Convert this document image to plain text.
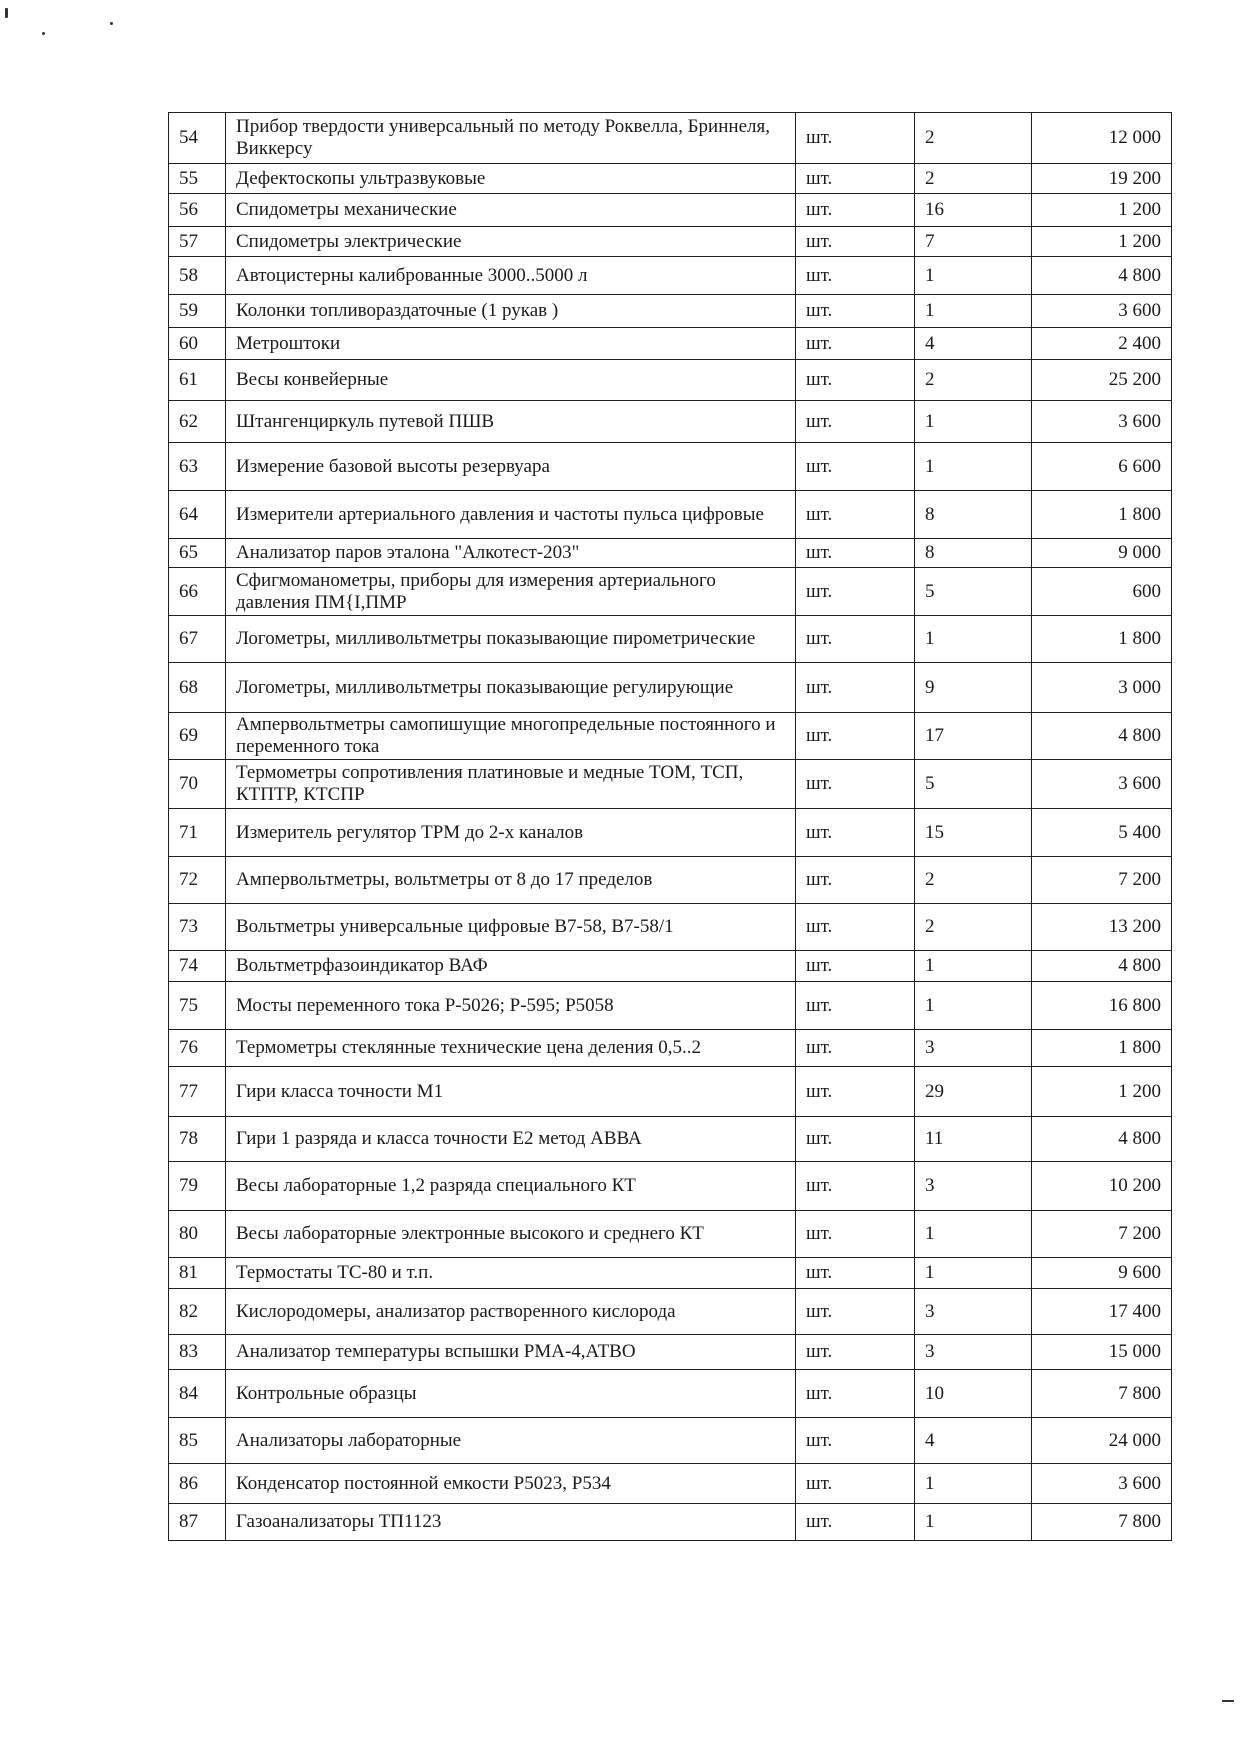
54	Прибор твердости универсальный по методу Роквелла, Бриннеля, Виккерсу	шт.	2	12 000
55	Дефектоскопы ультразвуковые	шт.	2	19 200
56	Спидометры механические	шт.	16	1 200
57	Спидометры электрические	шт.	7	1 200
58	Автоцистерны калиброванные 3000..5000 л	шт.	1	4 800
59	Колонки топливораздаточные (1 рукав )	шт.	1	3 600
60	Метроштоки	шт.	4	2 400
61	Весы конвейерные	шт.	2	25 200
62	Штангенциркуль путевой ПШВ	шт.	1	3 600
63	Измерение базовой высоты резервуара	шт.	1	6 600
64	Измерители артериального давления и частоты пульса цифровые	шт.	8	1 800
65	Анализатор паров эталона "Алкотест-203"	шт.	8	9 000
66	Сфигмоманометры, приборы для измерения артериального давления ПМ{I,ПМР	шт.	5	600
67	Логометры, милливольтметры показывающие пирометрические	шт.	1	1 800
68	Логометры, милливольтметры показывающие регулирующие	шт.	9	3 000
69	Ампервольтметры самопишущие многопредельные постоянного и переменного тока	шт.	17	4 800
70	Термометры сопротивления платиновые и медные ТОМ, ТСП, КТПТР, КТСПР	шт.	5	3 600
71	Измеритель регулятор ТРМ до 2-х каналов	шт.	15	5 400
72	Ампервольтметры, вольтметры от 8 до 17 пределов	шт.	2	7 200
73	Вольтметры универсальные цифровые В7-58, В7-58/1	шт.	2	13 200
74	Вольтметрфазоиндикатор ВАФ	шт.	1	4 800
75	Мосты переменного тока Р-5026; Р-595; Р5058	шт.	1	16 800
76	Термометры стеклянные технические цена деления 0,5..2	шт.	3	1 800
77	Гири класса точности М1	шт.	29	1 200
78	Гири 1 разряда и класса точности Е2 метод АВВА	шт.	11	4 800
79	Весы лабораторные 1,2 разряда специального КТ	шт.	3	10 200
80	Весы лабораторные электронные высокого и среднего КТ	шт.	1	7 200
81	Термостаты ТС-80 и т.п.	шт.	1	9 600
82	Кислородомеры, анализатор растворенного кислорода	шт.	3	17 400
83	Анализатор температуры вспышки РМА-4,АТВО	шт.	3	15 000
84	Контрольные образцы	шт.	10	7 800
85	Анализаторы лабораторные	шт.	4	24 000
86	Конденсатор постоянной емкости Р5023, Р534	шт.	1	3 600
87	Газоанализаторы ТП1123	шт.	1	7 800
